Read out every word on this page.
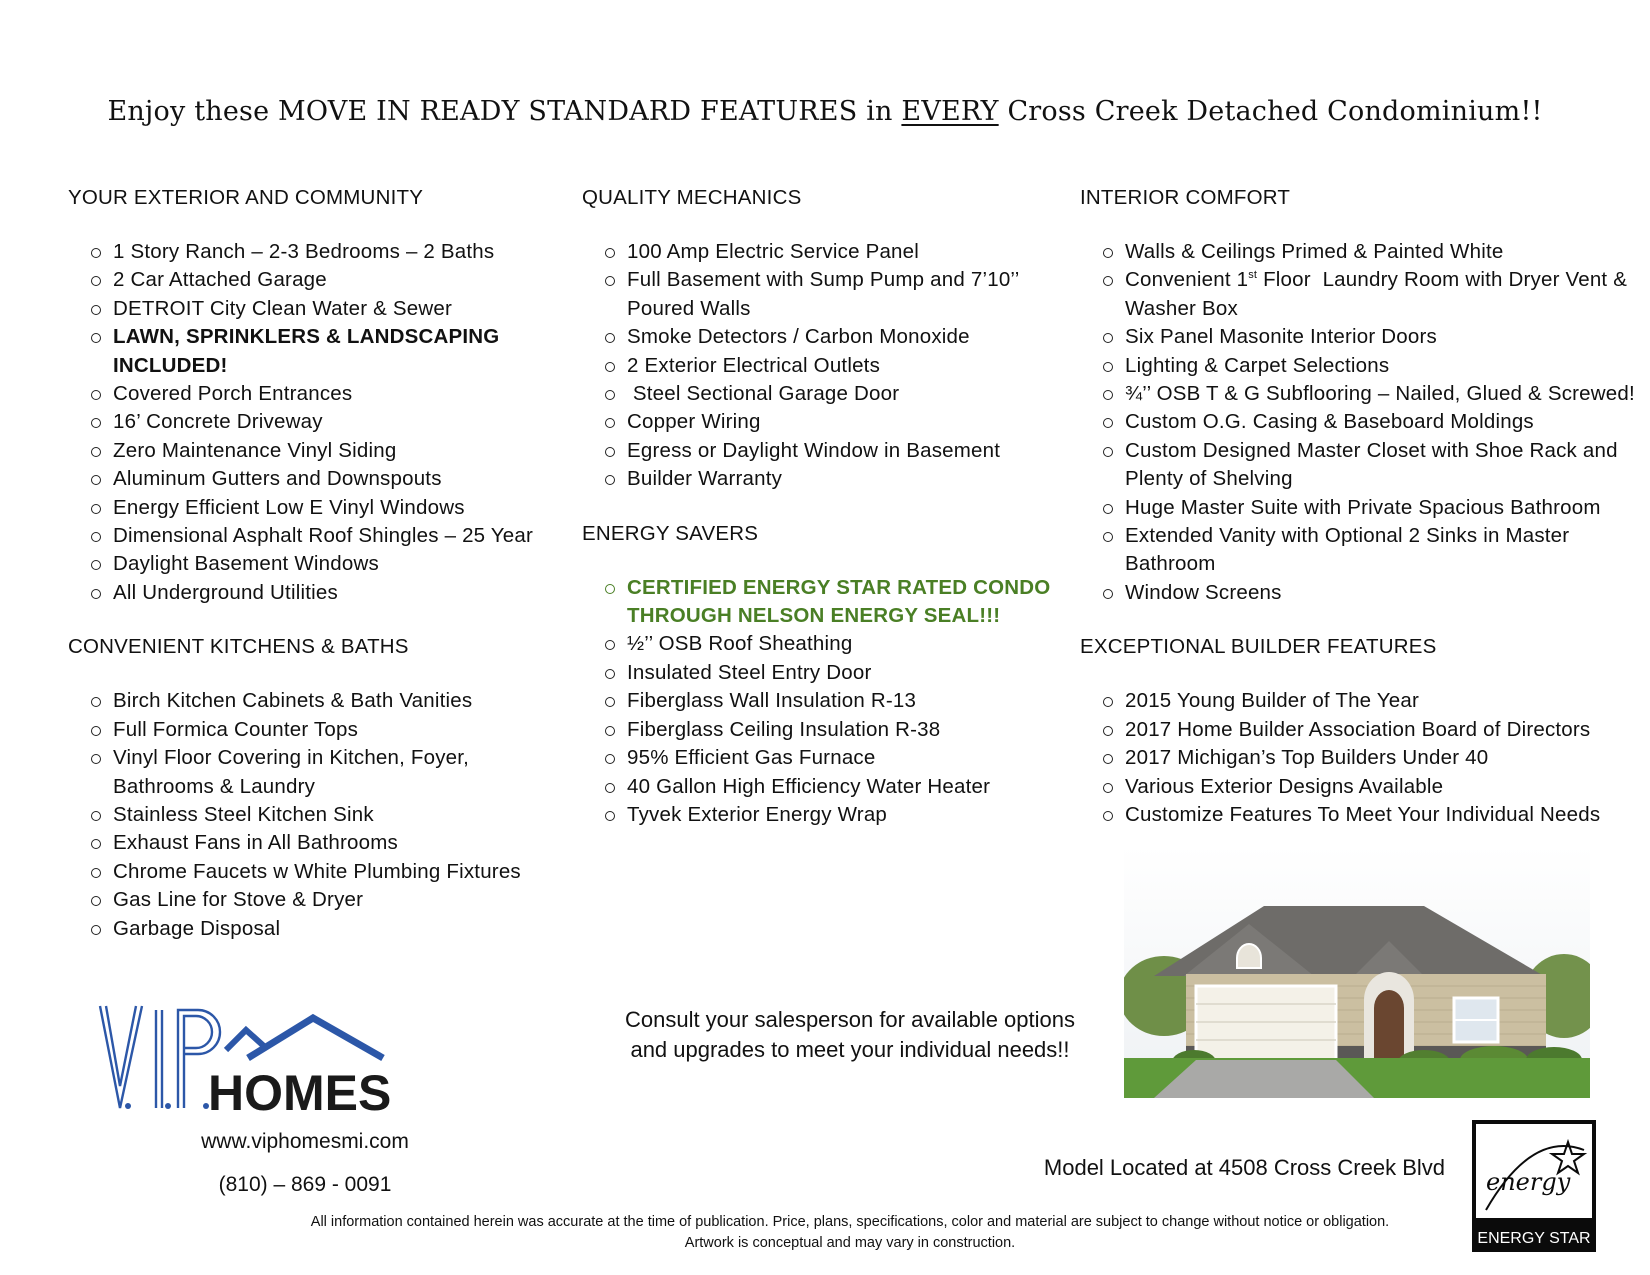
Enjoy these MOVE IN READY STANDARD FEATURES in EVERY Cross Creek Detached Condominium!!
YOUR EXTERIOR AND COMMUNITY
1 Story Ranch – 2-3 Bedrooms – 2 Baths
2 Car Attached Garage
DETROIT City Clean Water & Sewer
LAWN, SPRINKLERS & LANDSCAPING INCLUDED!
Covered Porch Entrances
16’ Concrete Driveway
Zero Maintenance Vinyl Siding
Aluminum Gutters and Downspouts
Energy Efficient Low E Vinyl Windows
Dimensional Asphalt Roof Shingles – 25 Year
Daylight Basement Windows
All Underground Utilities
CONVENIENT KITCHENS & BATHS
Birch Kitchen Cabinets & Bath Vanities
Full Formica Counter Tops
Vinyl Floor Covering in Kitchen, Foyer, Bathrooms & Laundry
Stainless Steel Kitchen Sink
Exhaust Fans in All Bathrooms
Chrome Faucets w White Plumbing Fixtures
Gas Line for Stove & Dryer
Garbage Disposal
QUALITY MECHANICS
100 Amp Electric Service Panel
Full Basement with Sump Pump and 7’10’’ Poured Walls
Smoke Detectors / Carbon Monoxide
2 Exterior Electrical Outlets
Steel Sectional Garage Door
Copper Wiring
Egress or Daylight Window in Basement
Builder Warranty
ENERGY SAVERS
CERTIFIED ENERGY STAR RATED CONDO THROUGH NELSON ENERGY SEAL!!!
½’’ OSB Roof Sheathing
Insulated Steel Entry Door
Fiberglass Wall Insulation R-13
Fiberglass Ceiling Insulation R-38
95% Efficient Gas Furnace
40 Gallon High Efficiency Water Heater
Tyvek Exterior Energy Wrap
INTERIOR COMFORT
Walls & Ceilings Primed & Painted White
Convenient 1st Floor  Laundry Room with Dryer Vent & Washer Box
Six Panel Masonite Interior Doors
Lighting & Carpet Selections
¾’’ OSB T & G Subflooring – Nailed, Glued & Screwed!
Custom O.G. Casing & Baseboard Moldings
Custom Designed Master Closet with Shoe Rack and Plenty of Shelving
Huge Master Suite with Private Spacious Bathroom
Extended Vanity with Optional 2 Sinks in Master Bathroom
Window Screens
EXCEPTIONAL BUILDER FEATURES
2015 Young Builder of The Year
2017 Home Builder Association Board of Directors
2017 Michigan’s Top Builders Under 40
Various Exterior Designs Available
Customize Features To Meet Your Individual Needs
HOMES
www.viphomesmi.com
(810) – 869 - 0091
Consult your salesperson for available options and upgrades to meet your individual needs!!
Model Located at 4508 Cross Creek Blvd
energy
ENERGY STAR
All information contained herein was accurate at the time of publication. Price, plans, specifications, color and material are subject to change without notice or obligation.
Artwork is conceptual and may vary in construction.
